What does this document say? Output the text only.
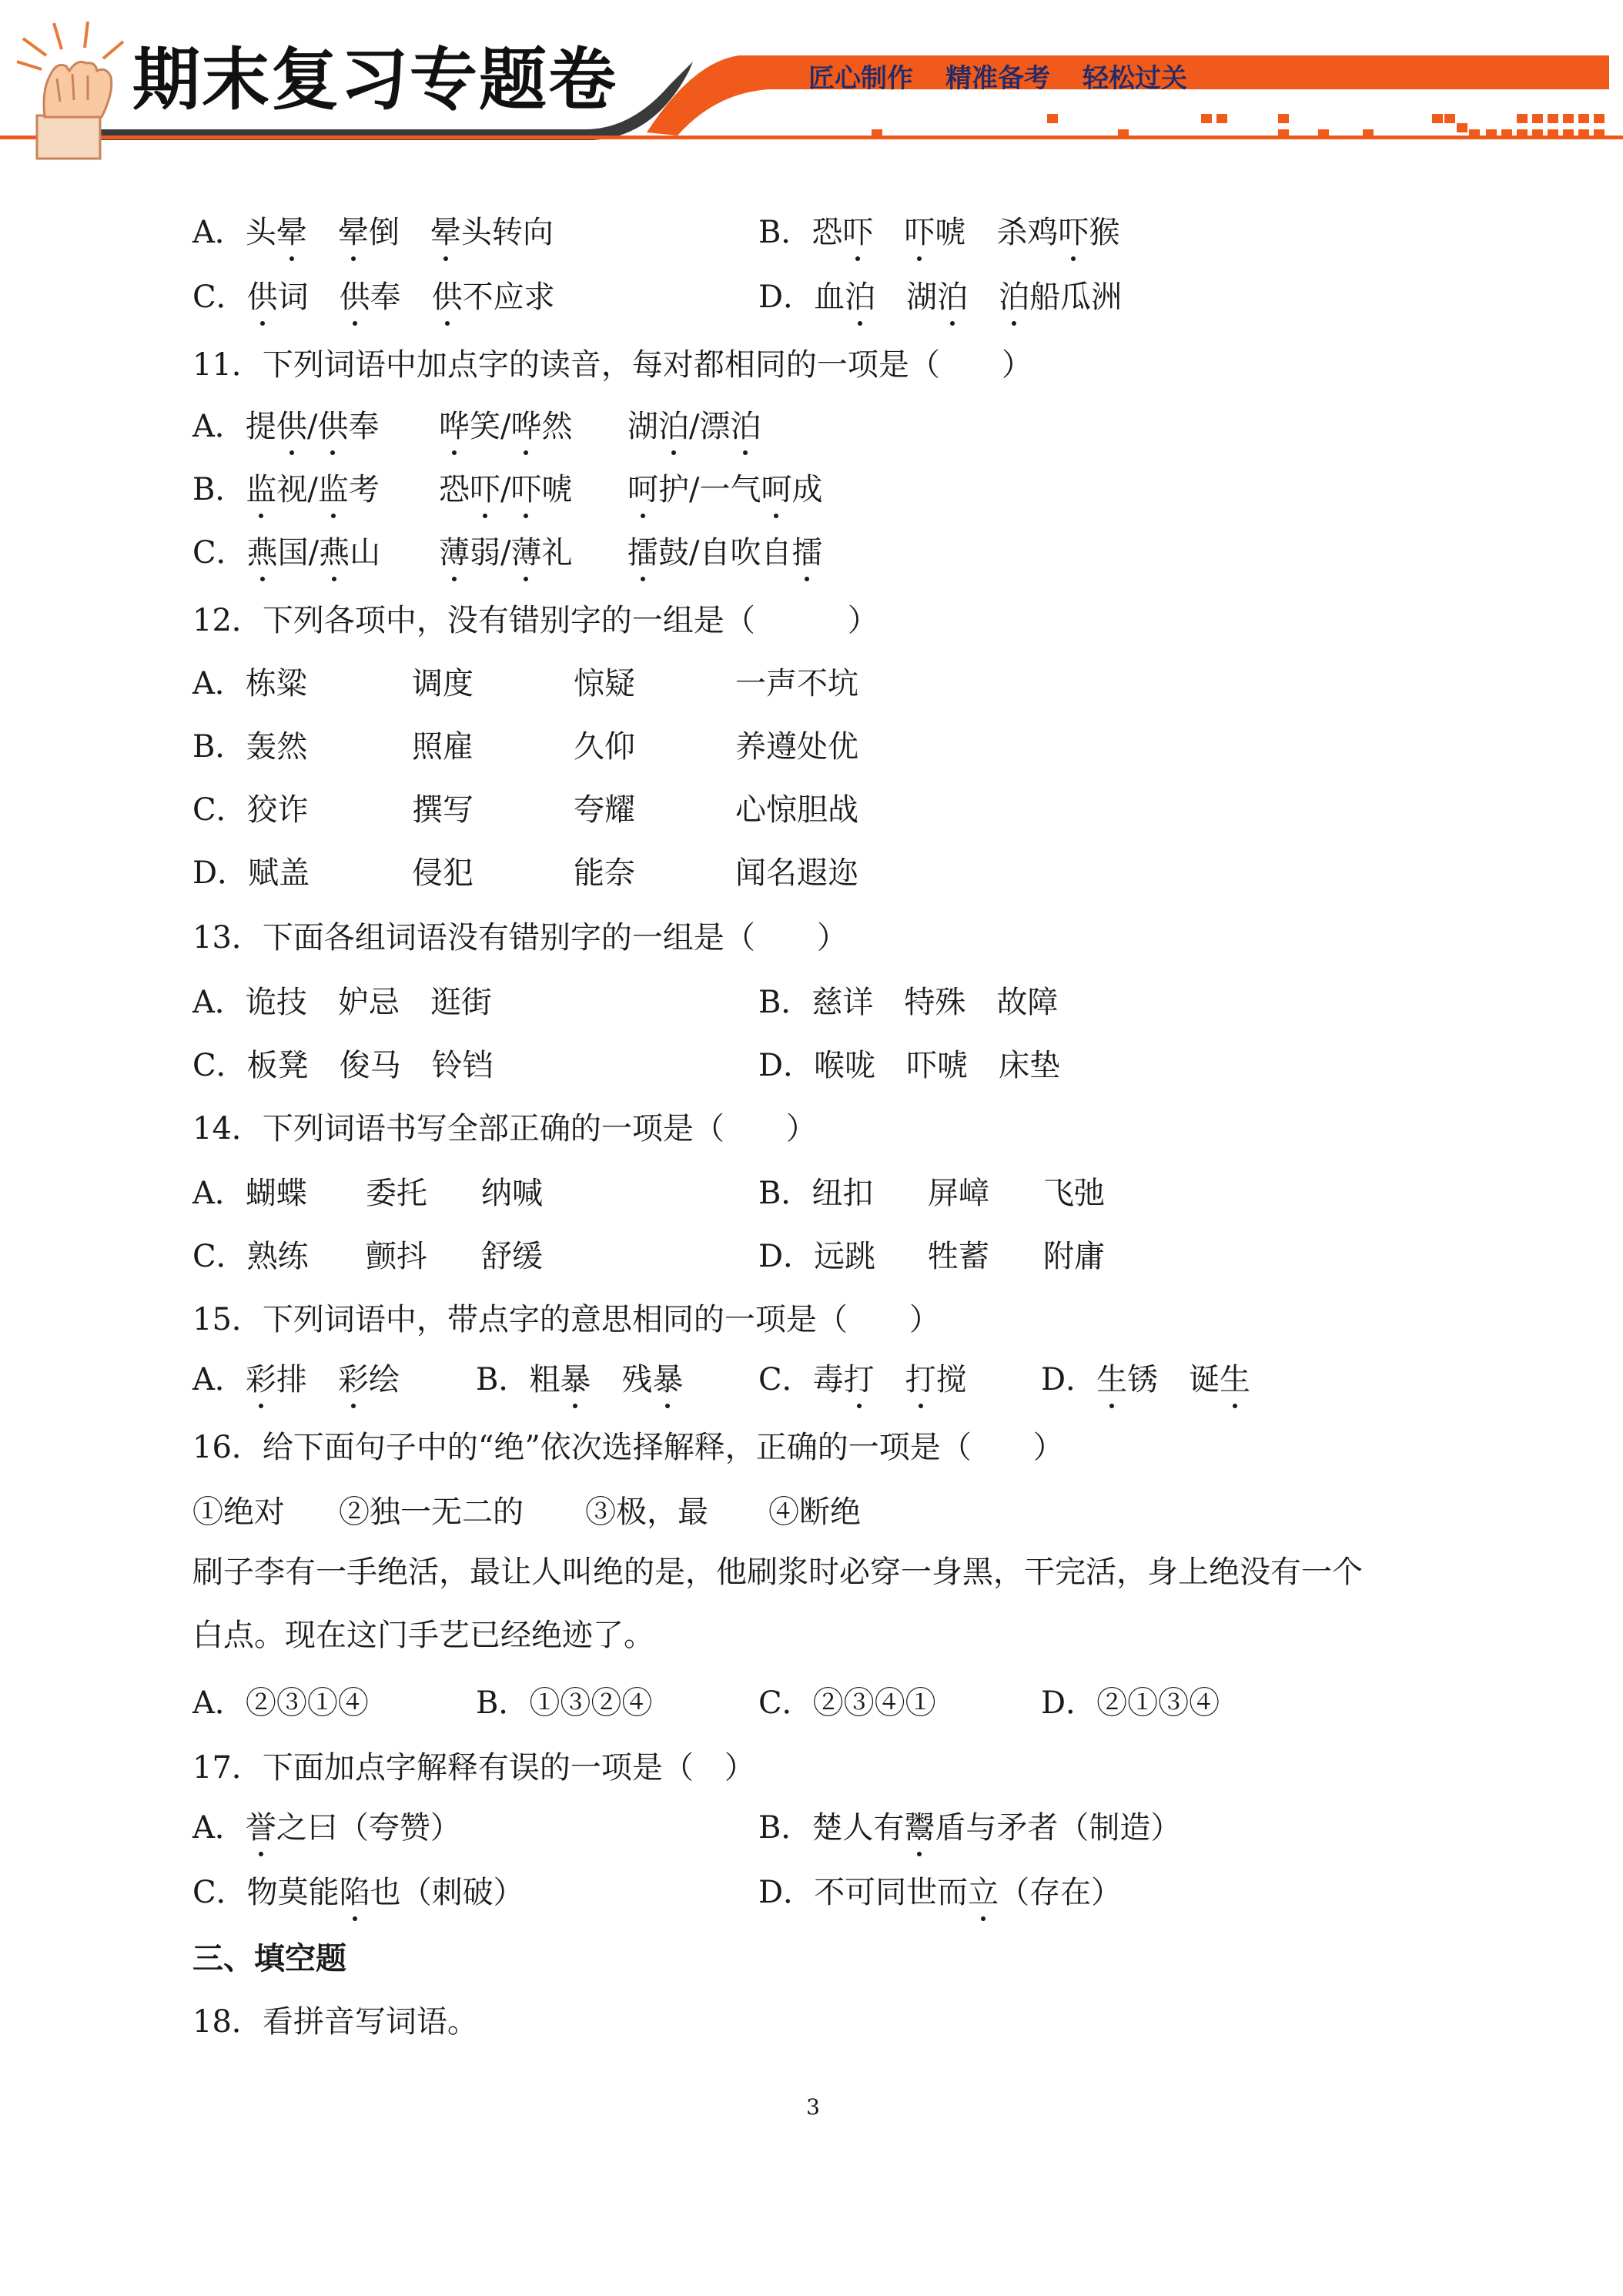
期末复习专题卷	匠心制作 精准备考 轻松过关
A．头晕　 晕倒　晕头转向	B．恐吓　 吓唬　杀鸡吓猴
C．供词　供奉　供不应求	D．血泊　 湖泊　 泊船瓜洲
11．下列词语中加点字的读音，每对都相同的一项是（　　）
A．提供/供奉 哗笑/哗然 湖泊/漂泊
B．监视/监考 恐吓/吓唬 呵护/一气呵成
C．燕国/燕山 薄弱/薄礼 擂鼓/自吹自擂
12．下列各项中，没有错别字的一组是（　　　）
A．栋粱	调度	惊疑	一声不坑
B．轰然	照雇	久仰	养遵处优
C．狡诈	撰写	夸耀	心惊胆战
D．赋盖	侵犯	能奈	闻名遐迩
13．下面各组词语没有错别字的一组是（　　）
A．诡技　妒忌　逛街	B．慈详　特殊　故障
C．板凳　俊马　铃铛	D．喉咙　吓唬　床垫
14．下列词语书写全部正确的一项是（　　）
A．蝴蝶 委托 纳喊	B．纽扣 屏嶂 飞弛
C．熟练 颤抖 舒缓	D．远跳 牲蓄 附庸
15．下列词语中，带点字的意思相同的一项是（　　）
A．彩排　彩绘 B．粗暴　残暴 C．毒打　 打搅 D．生锈　诞生
16．给下面句子中的“绝”依次选择解释，正确的一项是（　　）
①绝对 ②独一无二的 ③极，最 ④断绝
刷子李有一手绝活，最让人叫绝的是，他刷浆时必穿一身黑，干完活，身上绝没有一个
白点。现在这门手艺已经绝迹了。
A．②③①④	B．①③②④	C．②③④①	D．②①③④
17．下面加点字解释有误的一项是（　）
A．誉之曰（夸赞）	B．楚人有鬻盾与矛者（制造）
C．物莫能陷也（刺破）	D．不可同世而立（存在）
三、填空题
18．看拼音写词语。
3
